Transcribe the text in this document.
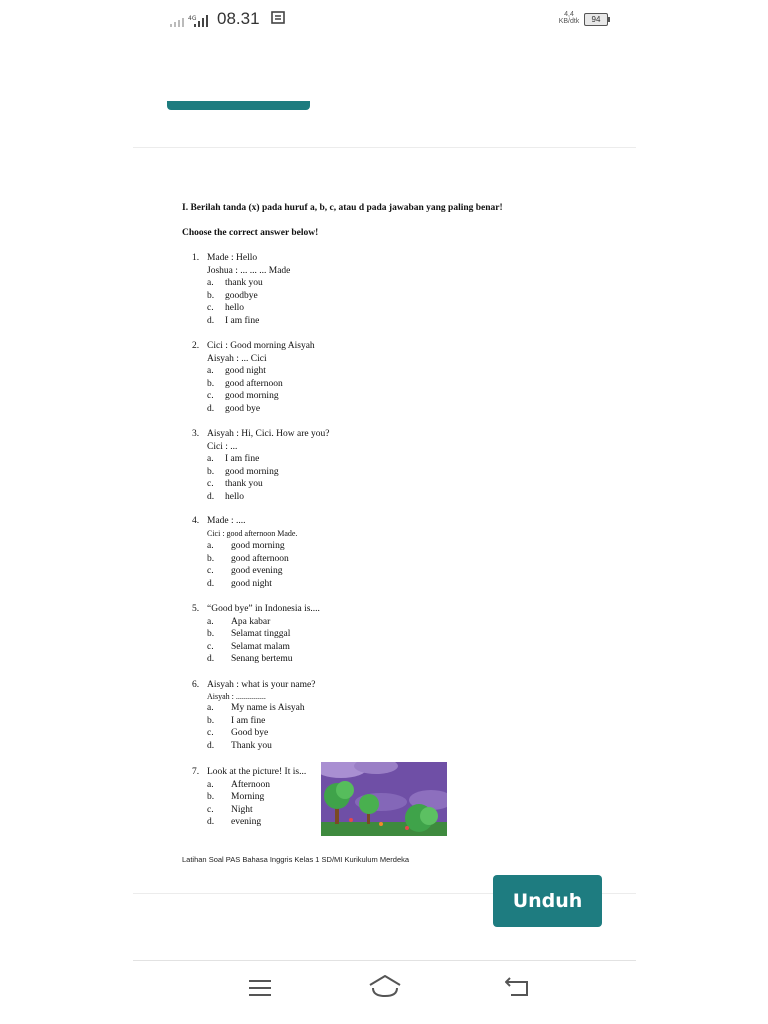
4G 08.31	4,4
KB/dtk	94
I. Berilah tanda (x) pada huruf a, b, c, atau d pada jawaban yang paling benar!
Choose the correct answer below!
1. Made : Hello
Joshua : ... ... ... Made
a. thank you
b. goodbye
c. hello
d. I am fine
2. Cici : Good morning Aisyah
Aisyah : ... Cici
a. good night
b. good afternoon
c. good morning
d. good bye
3. Aisyah : Hi, Cici. How are you?
Cici : ...
a. I am fine
b. good morning
c. thank you
d. hello
4. Made : ....
Cici : good afternoon Made.
a. good morning
b. good afternoon
c. good evening
d. good night
5. “Good bye” in Indonesia is....
a. Apa kabar
b. Selamat tinggal
c. Selamat malam
d. Senang bertemu
6. Aisyah : what is your name?
Aisyah : ...............
a. My name is Aisyah
b. I am fine
c. Good bye
d. Thank you
7. Look at the picture! It is...
a. Afternoon
b. Morning
c. Night
d. evening
Latihan Soal PAS Bahasa Inggris Kelas 1 SD/MI Kurikulum Merdeka
Unduh
